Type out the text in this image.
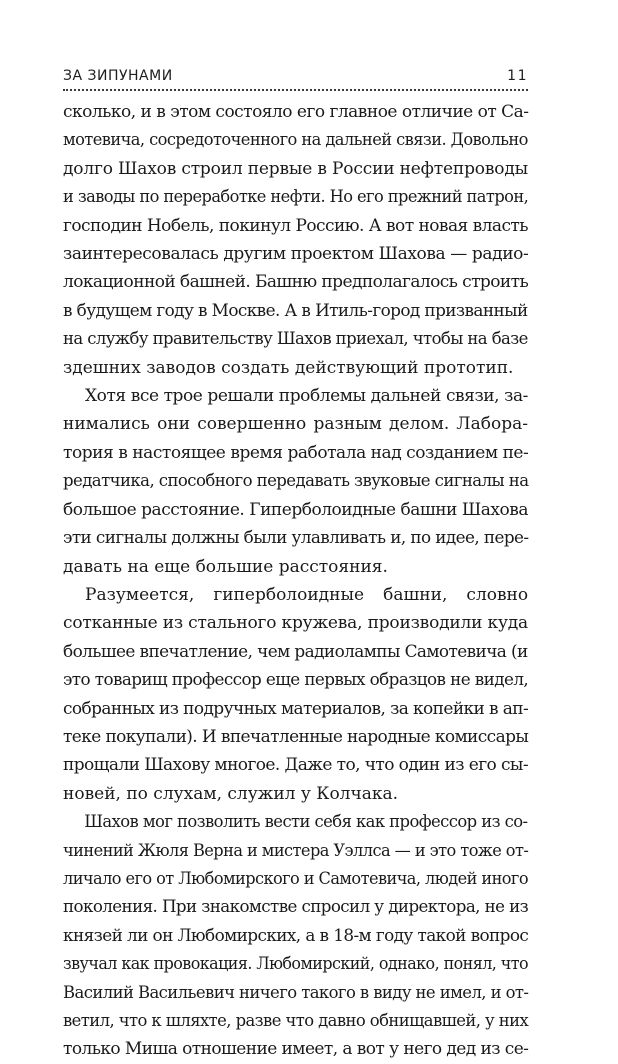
ЗА ЗИПУНАМИ	11

сколько, и в этом состояло его главное отличие от Са-
мотевича, сосредоточенного на дальней связи. Довольно
долго Шахов строил первые в России нефтепроводы
и заводы по переработке нефти. Но его прежний патрон,
господин Нобель, покинул Россию. А вот новая власть
заинтересовалась другим проектом Шахова — радио-
локационной башней. Башню предполагалось строить
в будущем году в Москве. А в Итиль-город призванный
на службу правительству Шахов приехал, чтобы на базе
здешних заводов создать действующий прототип.

Хотя все трое решали проблемы дальней связи, за-
нимались они совершенно разным делом. Лабора-
тория в настоящее время работала над созданием пе-
редатчика, способного передавать звуковые сигналы на
большое расстояние. Гиперболоидные башни Шахова
эти сигналы должны были улавливать и, по идее, пере-
давать на еще большие расстояния.

Разумеется, гиперболоидные башни, словно
сотканные из стального кружева, производили куда
большее впечатление, чем радиолампы Самотевича (и
это товарищ профессор еще первых образцов не видел,
собранных из подручных материалов, за копейки в ап-
теке покупали). И впечатленные народные комиссары
прощали Шахову многое. Даже то, что один из его сы-
новей, по слухам, служил у Колчака.

Шахов мог позволить вести себя как профессор из со-
чинений Жюля Верна и мистера Уэллса — и это тоже от-
личало его от Любомирского и Самотевича, людей иного
поколения. При знакомстве спросил у директора, не из
князей ли он Любомирских, а в 18-м году такой вопрос
звучал как провокация. Любомирский, однако, понял, что
Василий Васильевич ничего такого в виду не имел, и от-
ветил, что к шляхте, разве что давно обнищавшей, у них
только Миша отношение имеет, а вот у него дед из се-
